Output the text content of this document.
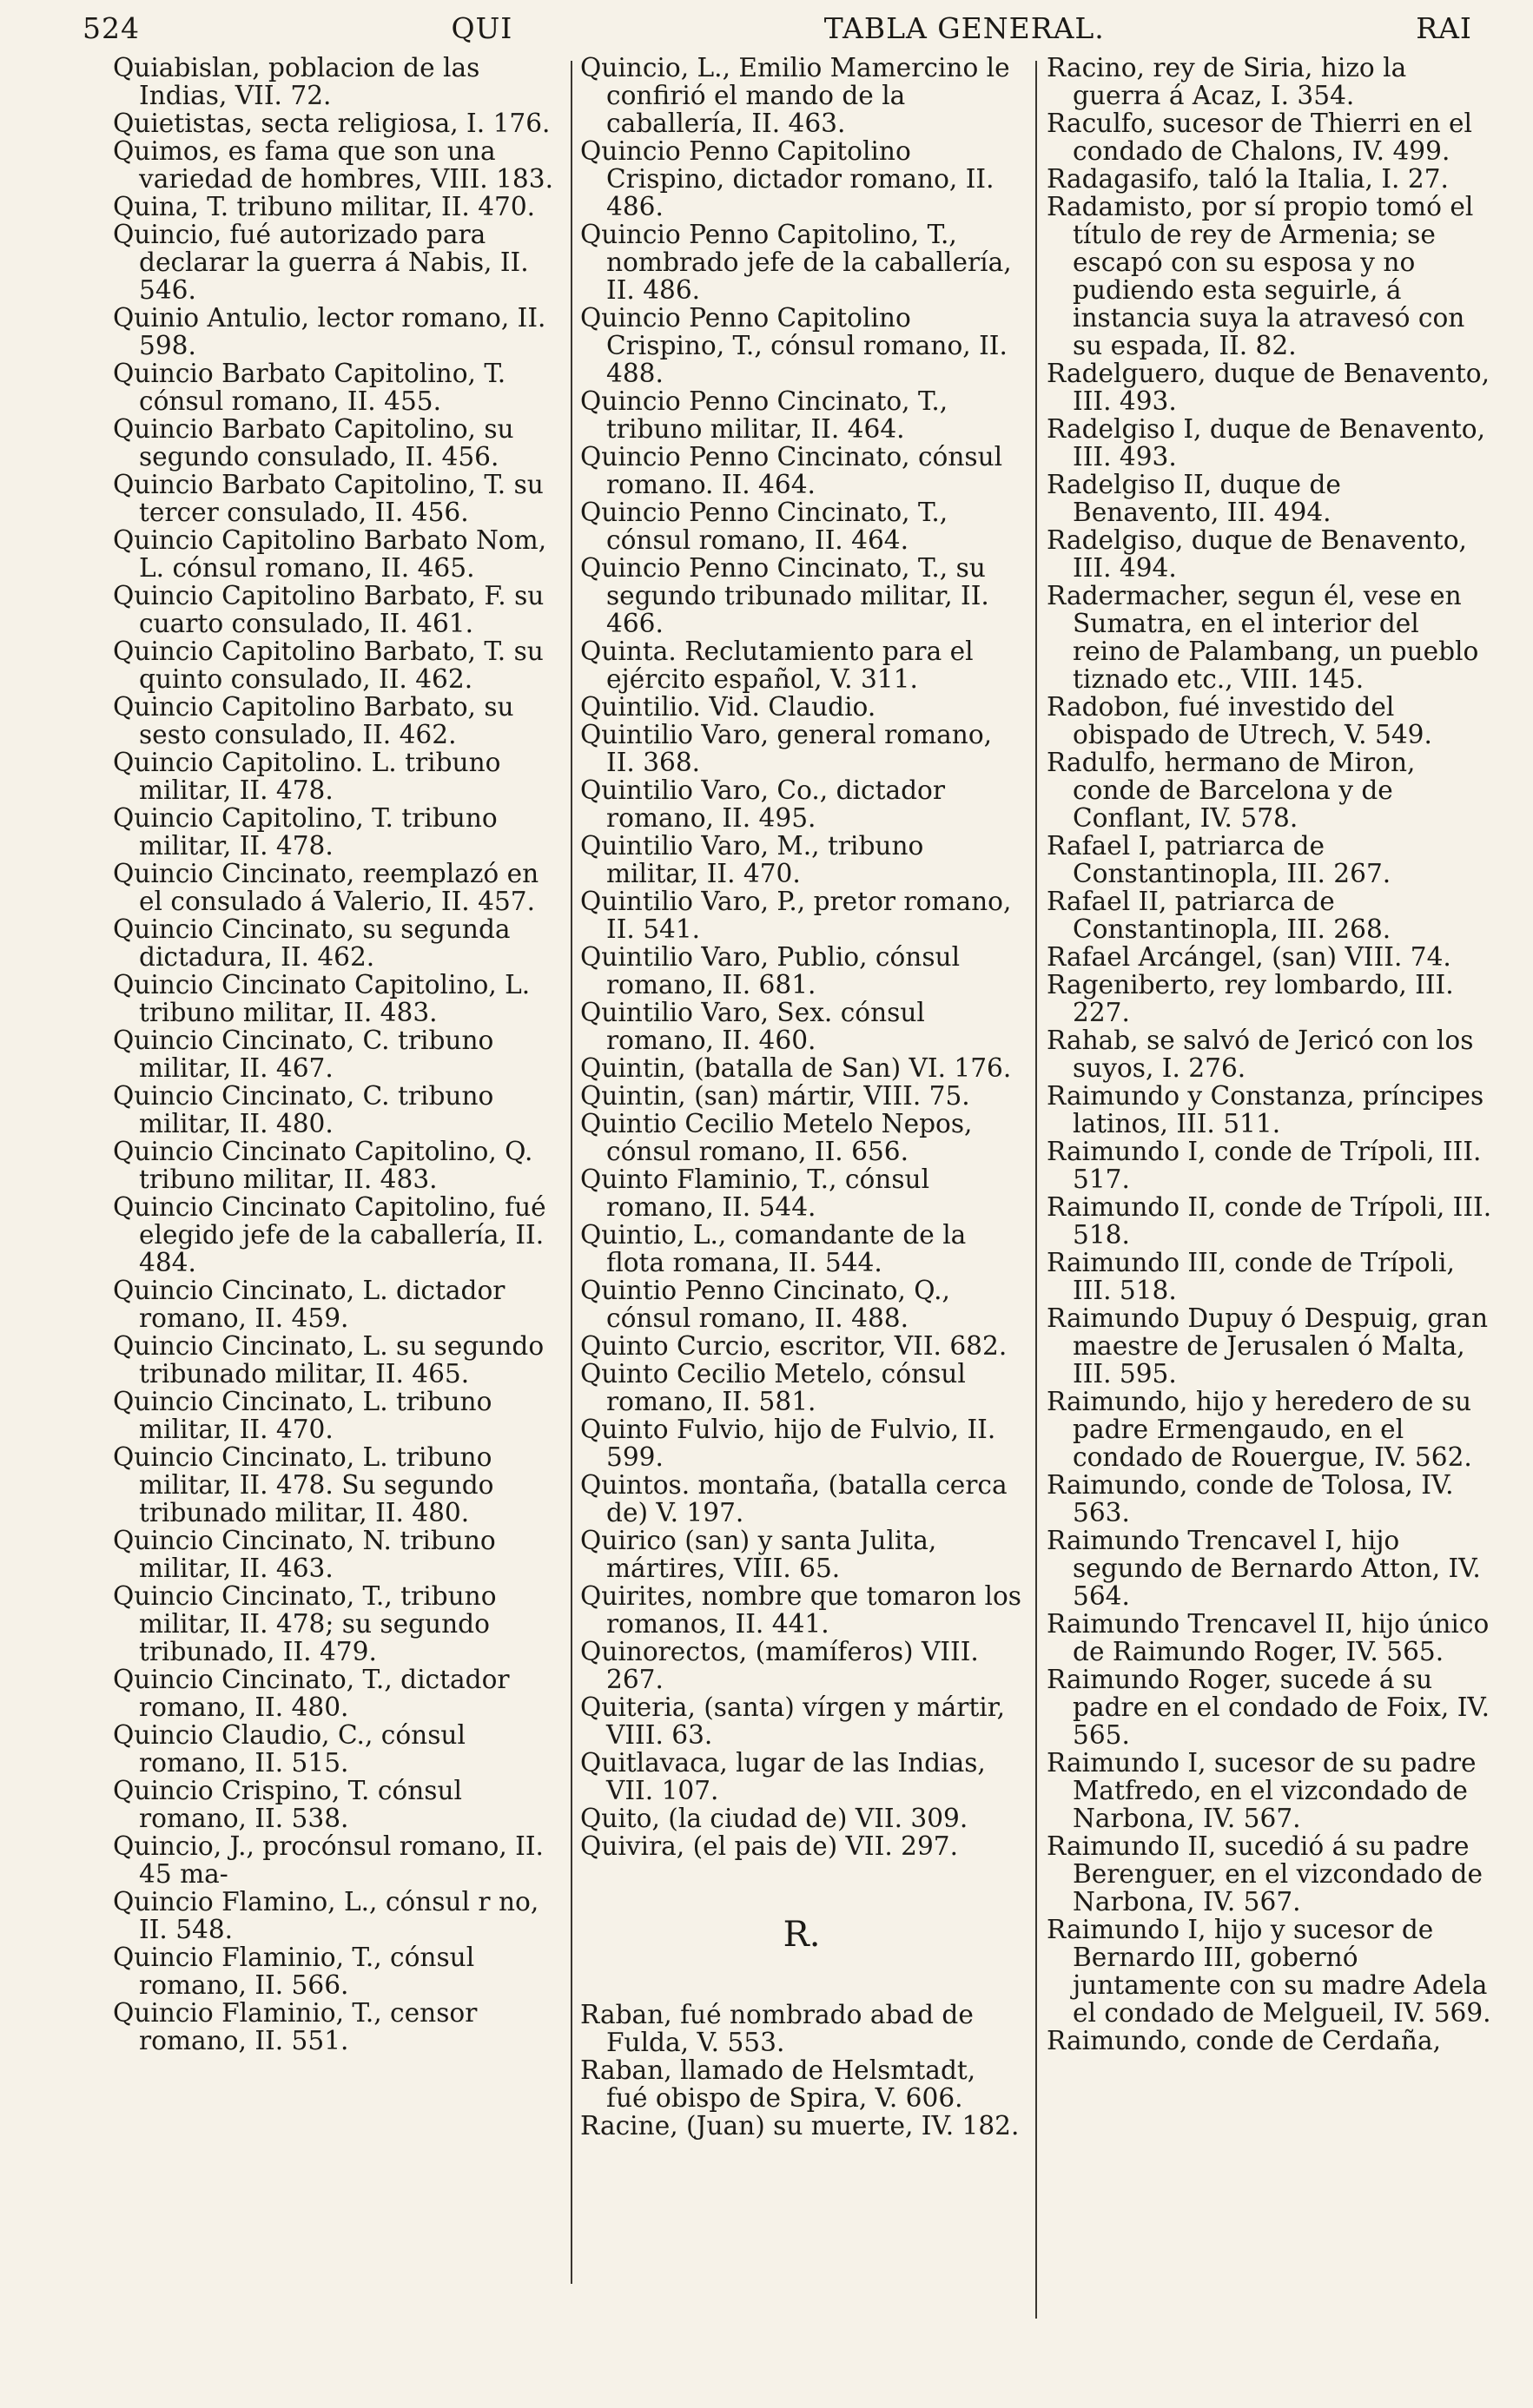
524	QUI	TABLA GENERAL.	RAI

Quiabislan, poblacion de las Indias, VII. 72.

Quietistas, secta religiosa, I. 176.

Quimos, es fama que son una variedad de hombres, VIII. 183.

Quina, T. tribuno militar, II. 470.

Quincio, fué autorizado para declarar la guerra á Nabis, II. 546.

Quinio Antulio, lector romano, II. 598.

Quincio Barbato Capitolino, T. cónsul romano, II. 455.

Quincio Barbato Capitolino, su segundo consulado, II. 456.

Quincio Barbato Capitolino, T. su tercer consulado, II. 456.

Quincio Capitolino Barbato Nom, L. cónsul romano, II. 465.

Quincio Capitolino Barbato, F. su cuarto consulado, II. 461.

Quincio Capitolino Barbato, T. su quinto consulado, II. 462.

Quincio Capitolino Barbato, su sesto consulado, II. 462.

Quincio Capitolino. L. tribuno militar, II. 478.

Quincio Capitolino, T. tribuno militar, II. 478.

Quincio Cincinato, reemplazó en el consulado á Valerio, II. 457.

Quincio Cincinato, su segunda dictadura, II. 462.

Quincio Cincinato Capitolino, L. tribuno militar, II. 483.

Quincio Cincinato, C. tribuno militar, II. 467.

Quincio Cincinato, C. tribuno militar, II. 480.

Quincio Cincinato Capitolino, Q. tribuno militar, II. 483.

Quincio Cincinato Capitolino, fué elegido jefe de la caballería, II. 484.

Quincio Cincinato, L. dictador romano, II. 459.

Quincio Cincinato, L. su segundo tribunado militar, II. 465.

Quincio Cincinato, L. tribuno militar, II. 470.

Quincio Cincinato, L. tribuno militar, II. 478. Su segundo tribunado militar, II. 480.

Quincio Cincinato, N. tribuno militar, II. 463.

Quincio Cincinato, T., tribuno militar, II. 478; su segundo tribunado, II. 479.

Quincio Cincinato, T., dictador romano, II. 480.

Quincio Claudio, C., cónsul romano, II. 515.

Quincio Crispino, T. cónsul romano, II. 538.

Quincio, J., procónsul romano, II. 45 ma-

Quincio Flamino, L., cónsul r no, II. 548.

Quincio Flaminio, T., cónsul romano, II. 566.

Quincio Flaminio, T., censor romano, II. 551.

Quincio, L., Emilio Mamercino le confirió el mando de la caballería, II. 463.

Quincio Penno Capitolino Crispino, dictador romano, II. 486.

Quincio Penno Capitolino, T., nombrado jefe de la caballería, II. 486.

Quincio Penno Capitolino Crispino, T., cónsul romano, II. 488.

Quincio Penno Cincinato, T., tribuno militar, II. 464.

Quincio Penno Cincinato, cónsul romano. II. 464.

Quincio Penno Cincinato, T., cónsul romano, II. 464.

Quincio Penno Cincinato, T., su segundo tribunado militar, II. 466.

Quinta. Reclutamiento para el ejército español, V. 311.

Quintilio. Vid. Claudio.

Quintilio Varo, general romano, II. 368.

Quintilio Varo, Co., dictador romano, II. 495.

Quintilio Varo, M., tribuno militar, II. 470.

Quintilio Varo, P., pretor romano, II. 541.

Quintilio Varo, Publio, cónsul romano, II. 681.

Quintilio Varo, Sex. cónsul romano, II. 460.

Quintin, (batalla de San) VI. 176.

Quintin, (san) mártir, VIII. 75.

Quintio Cecilio Metelo Nepos, cónsul romano, II. 656.

Quinto Flaminio, T., cónsul romano, II. 544.

Quintio, L., comandante de la flota romana, II. 544.

Quintio Penno Cincinato, Q., cónsul romano, II. 488.

Quinto Curcio, escritor, VII. 682.

Quinto Cecilio Metelo, cónsul romano, II. 581.

Quinto Fulvio, hijo de Fulvio, II. 599.

Quintos. montaña, (batalla cerca de) V. 197.

Quirico (san) y santa Julita, mártires, VIII. 65.

Quirites, nombre que tomaron los romanos, II. 441.

Quinorectos, (mamíferos) VIII. 267.

Quiteria, (santa) vírgen y mártir, VIII. 63.

Quitlavaca, lugar de las Indias, VII. 107.

Quito, (la ciudad de) VII. 309.

Quivira, (el pais de) VII. 297.

R.

Raban, fué nombrado abad de Fulda, V. 553.

Raban, llamado de Helsmtadt, fué obispo de Spira, V. 606.

Racine, (Juan) su muerte, IV. 182.

Racino, rey de Siria, hizo la guerra á Acaz, I. 354.

Raculfo, sucesor de Thierri en el condado de Chalons, IV. 499.

Radagasifo, taló la Italia, I. 27.

Radamisto, por sí propio tomó el título de rey de Armenia; se escapó con su esposa y no pudiendo esta seguirle, á instancia suya la atravesó con su espada, II. 82.

Radelguero, duque de Benavento, III. 493.

Radelgiso I, duque de Benavento, III. 493.

Radelgiso II, duque de Benavento, III. 494.

Radelgiso, duque de Benavento, III. 494.

Radermacher, segun él, vese en Sumatra, en el interior del reino de Palambang, un pueblo tiznado etc., VIII. 145.

Radobon, fué investido del obispado de Utrech, V. 549.

Radulfo, hermano de Miron, conde de Barcelona y de Conflant, IV. 578.

Rafael I, patriarca de Constantinopla, III. 267.

Rafael II, patriarca de Constantinopla, III. 268.

Rafael Arcángel, (san) VIII. 74.

Rageniberto, rey lombardo, III. 227.

Rahab, se salvó de Jericó con los suyos, I. 276.

Raimundo y Constanza, príncipes latinos, III. 511.

Raimundo I, conde de Trípoli, III. 517.

Raimundo II, conde de Trípoli, III. 518.

Raimundo III, conde de Trípoli, III. 518.

Raimundo Dupuy ó Despuig, gran maestre de Jerusalen ó Malta, III. 595.

Raimundo, hijo y heredero de su padre Ermengaudo, en el condado de Rouergue, IV. 562.

Raimundo, conde de Tolosa, IV. 563.

Raimundo Trencavel I, hijo segundo de Bernardo Atton, IV. 564.

Raimundo Trencavel II, hijo único de Raimundo Roger, IV. 565.

Raimundo Roger, sucede á su padre en el condado de Foix, IV. 565.

Raimundo I, sucesor de su padre Matfredo, en el vizcondado de Narbona, IV. 567.

Raimundo II, sucedió á su padre Berenguer, en el vizcondado de Narbona, IV. 567.

Raimundo I, hijo y sucesor de Bernardo III, gobernó juntamente con su madre Adela el condado de Melgueil, IV. 569.

Raimundo, conde de Cerdaña,
